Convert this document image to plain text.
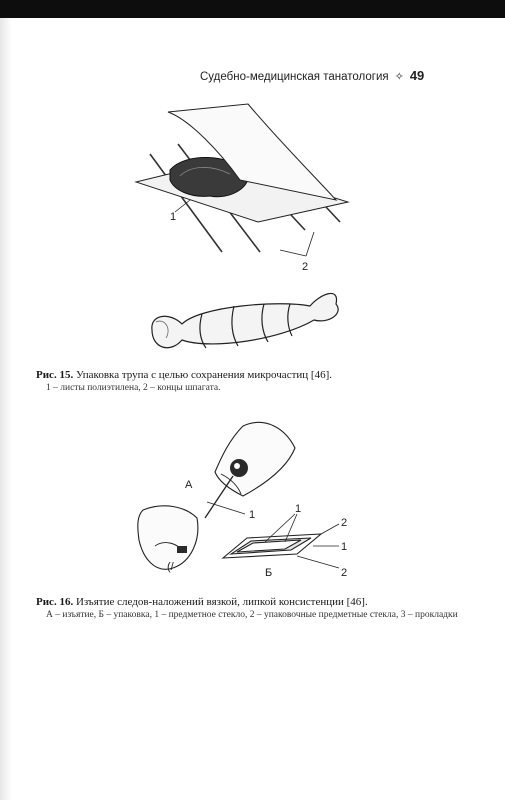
Судебно-медицинская танатология ✧ 49
1
2
Рис. 15. Упаковка трупа с целью сохранения микрочастиц [46].
1 – листы полиэтилена, 2 – концы шпагата.
(/
А
1	1
2
1
2
Б
Рис. 16. Изъятие следов-наложений вязкой, липкой консистенции [46].
А – изъятие, Б – упаковка, 1 – предметное стекло, 2 – упаковочные предметные стекла, 3 – прокладки
